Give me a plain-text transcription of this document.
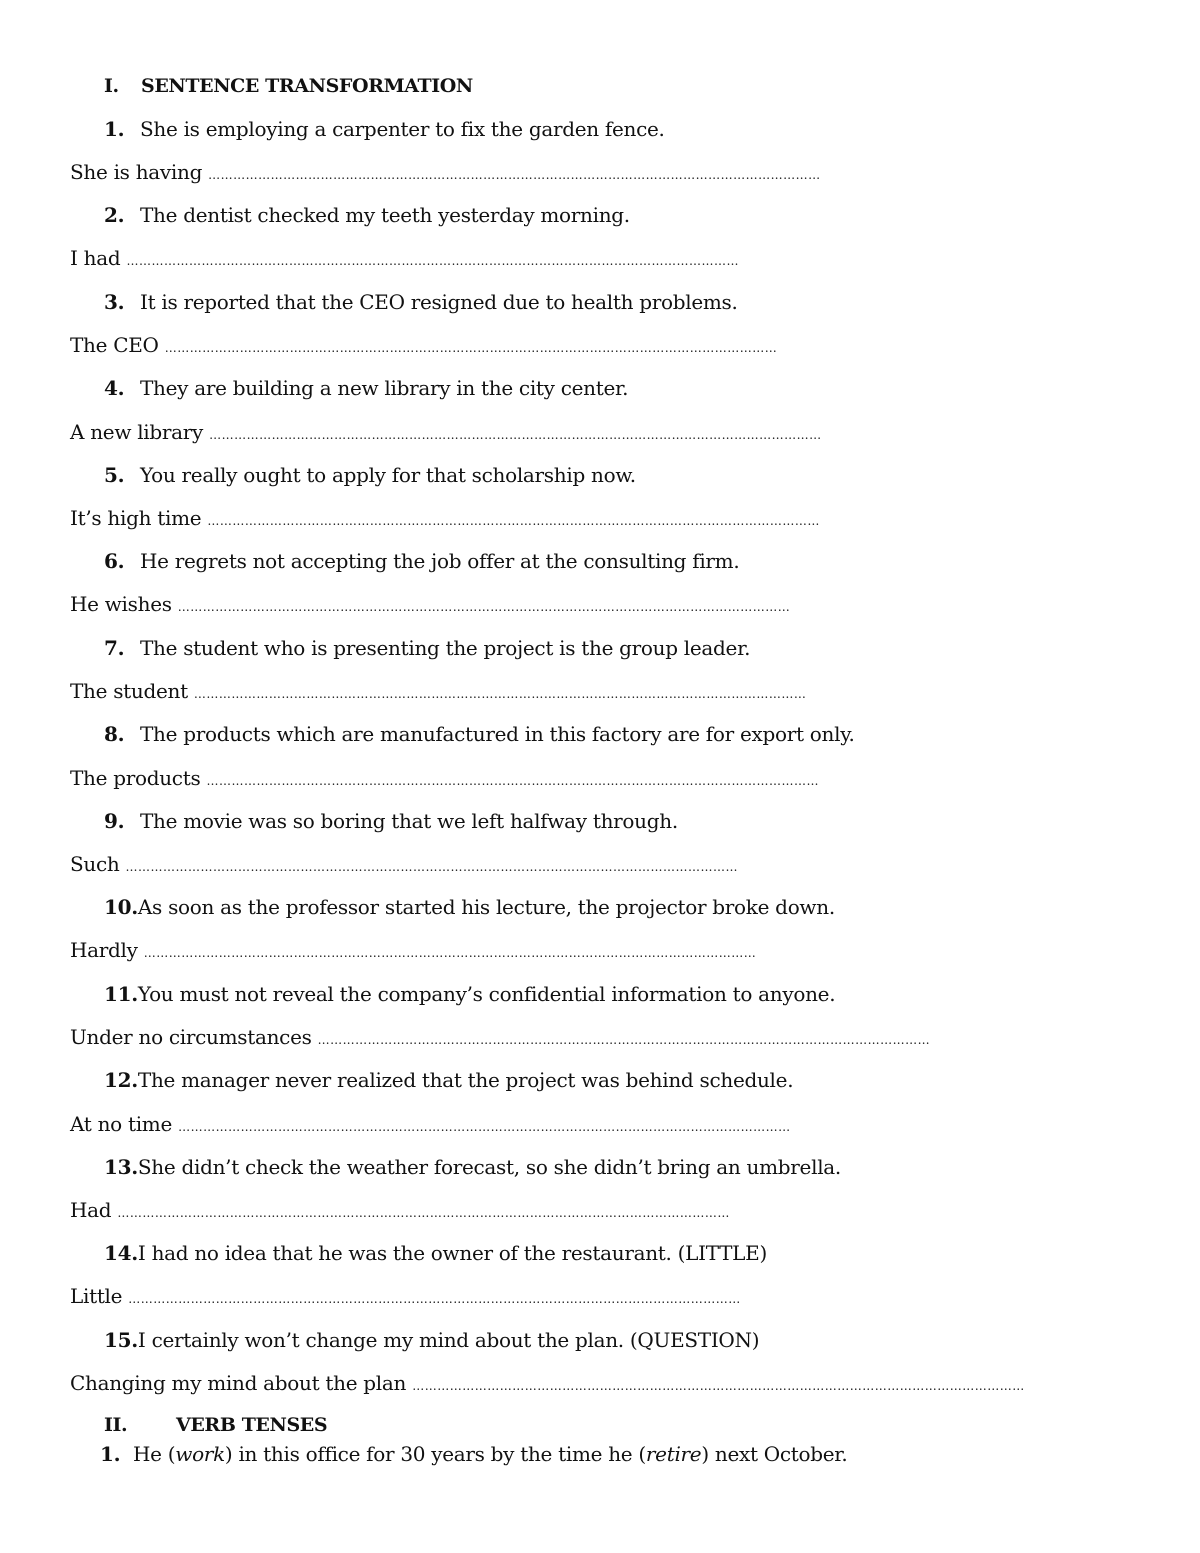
I. SENTENCE TRANSFORMATION
1. She is employing a carpenter to fix the garden fence.
She is having …………………………………………………………………………………………………………………………………
2. The dentist checked my teeth yesterday morning.
I had …………………………………………………………………………………………………………………………………
3. It is reported that the CEO resigned due to health problems.
The CEO …………………………………………………………………………………………………………………………………
4. They are building a new library in the city center.
A new library …………………………………………………………………………………………………………………………………
5. You really ought to apply for that scholarship now.
It’s high time …………………………………………………………………………………………………………………………………
6. He regrets not accepting the job offer at the consulting firm.
He wishes …………………………………………………………………………………………………………………………………
7. The student who is presenting the project is the group leader.
The student …………………………………………………………………………………………………………………………………
8. The products which are manufactured in this factory are for export only.
The products …………………………………………………………………………………………………………………………………
9. The movie was so boring that we left halfway through.
Such …………………………………………………………………………………………………………………………………
10.As soon as the professor started his lecture, the projector broke down.
Hardly …………………………………………………………………………………………………………………………………
11.You must not reveal the company’s confidential information to anyone.
Under no circumstances …………………………………………………………………………………………………………………………………
12.The manager never realized that the project was behind schedule.
At no time …………………………………………………………………………………………………………………………………
13.She didn’t check the weather forecast, so she didn’t bring an umbrella.
Had …………………………………………………………………………………………………………………………………
14.I had no idea that he was the owner of the restaurant. (LITTLE)
Little …………………………………………………………………………………………………………………………………
15.I certainly won’t change my mind about the plan. (QUESTION)
Changing my mind about the plan …………………………………………………………………………………………………………………………………
II.	VERB TENSES
1. He (work) in this office for 30 years by the time he (retire) next October.
